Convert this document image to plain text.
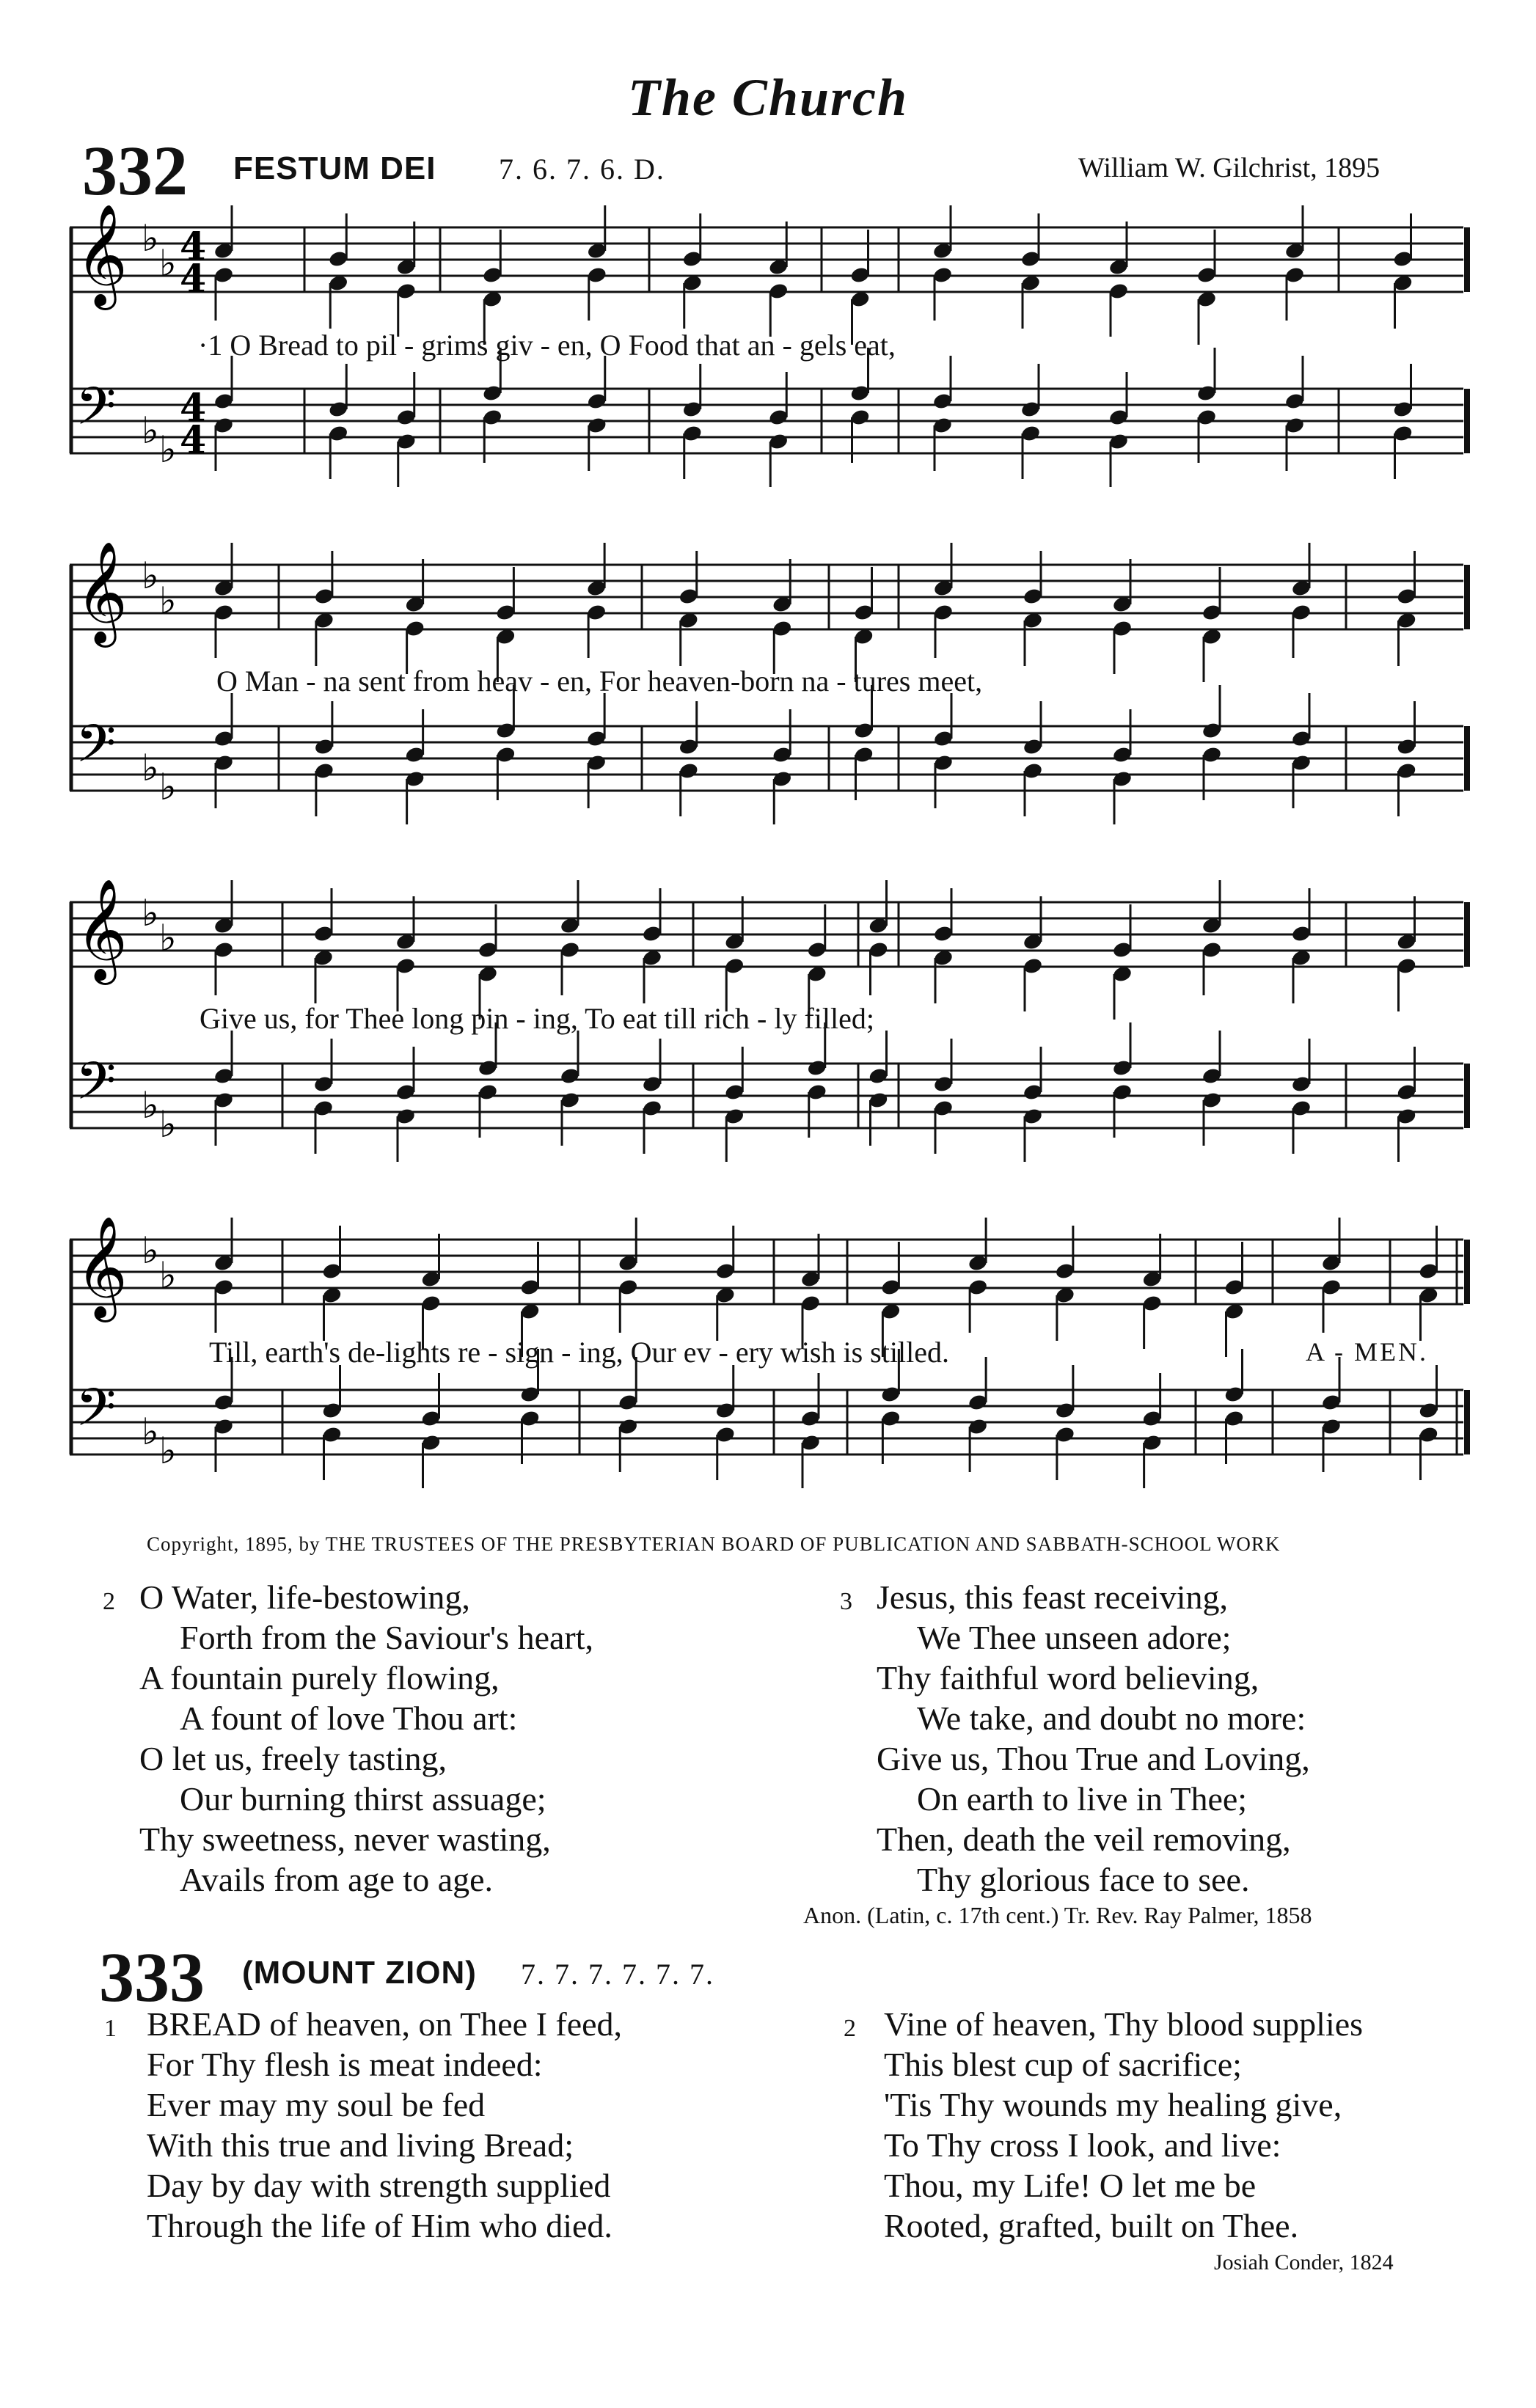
The Church
332 FESTUM DEI 7. 6. 7. 6. D.	William W. Gilchrist, 1895
𝄞 ♭
♭ 4
4
𝄢 ♭ ♭
4
4
·1 O Bread to pil - grims giv - en, O Food that an - gels eat,
𝄞 ♭
♭
𝄢 ♭ ♭
O Man - na sent from heav - en, For heaven-born na - tures meet,
𝄞 ♭
♭
𝄢 ♭ ♭
Give us, for Thee long pin - ing, To eat till rich - ly filled;
𝄞 ♭
♭
𝄢 ♭ ♭
Till, earth's de-lights re - sign - ing, Our ev - ery wish is stilled.	A - MEN.
Copyright, 1895, by THE TRUSTEES OF THE PRESBYTERIAN BOARD OF PUBLICATION AND SABBATH-SCHOOL WORK
2 O Water, life-bestowing,
Forth from the Saviour's heart,
A fountain purely flowing,
A fount of love Thou art:
O let us, freely tasting,
Our burning thirst assuage;
Thy sweetness, never wasting,
Avails from age to age.
3 Jesus, this feast receiving,
We Thee unseen adore;
Thy faithful word believing,
We take, and doubt no more:
Give us, Thou True and Loving,
On earth to live in Thee;
Then, death the veil removing,
Thy glorious face to see.
Anon. (Latin, c. 17th cent.) Tr. Rev. Ray Palmer, 1858
333 (MOUNT ZION) 7. 7. 7. 7. 7. 7.
1 BREAD of heaven, on Thee I feed,
For Thy flesh is meat indeed:
Ever may my soul be fed
With this true and living Bread;
Day by day with strength supplied
Through the life of Him who died.
2 Vine of heaven, Thy blood supplies
This blest cup of sacrifice;
'Tis Thy wounds my healing give,
To Thy cross I look, and live:
Thou, my Life! O let me be
Rooted, grafted, built on Thee.
Josiah Conder, 1824
